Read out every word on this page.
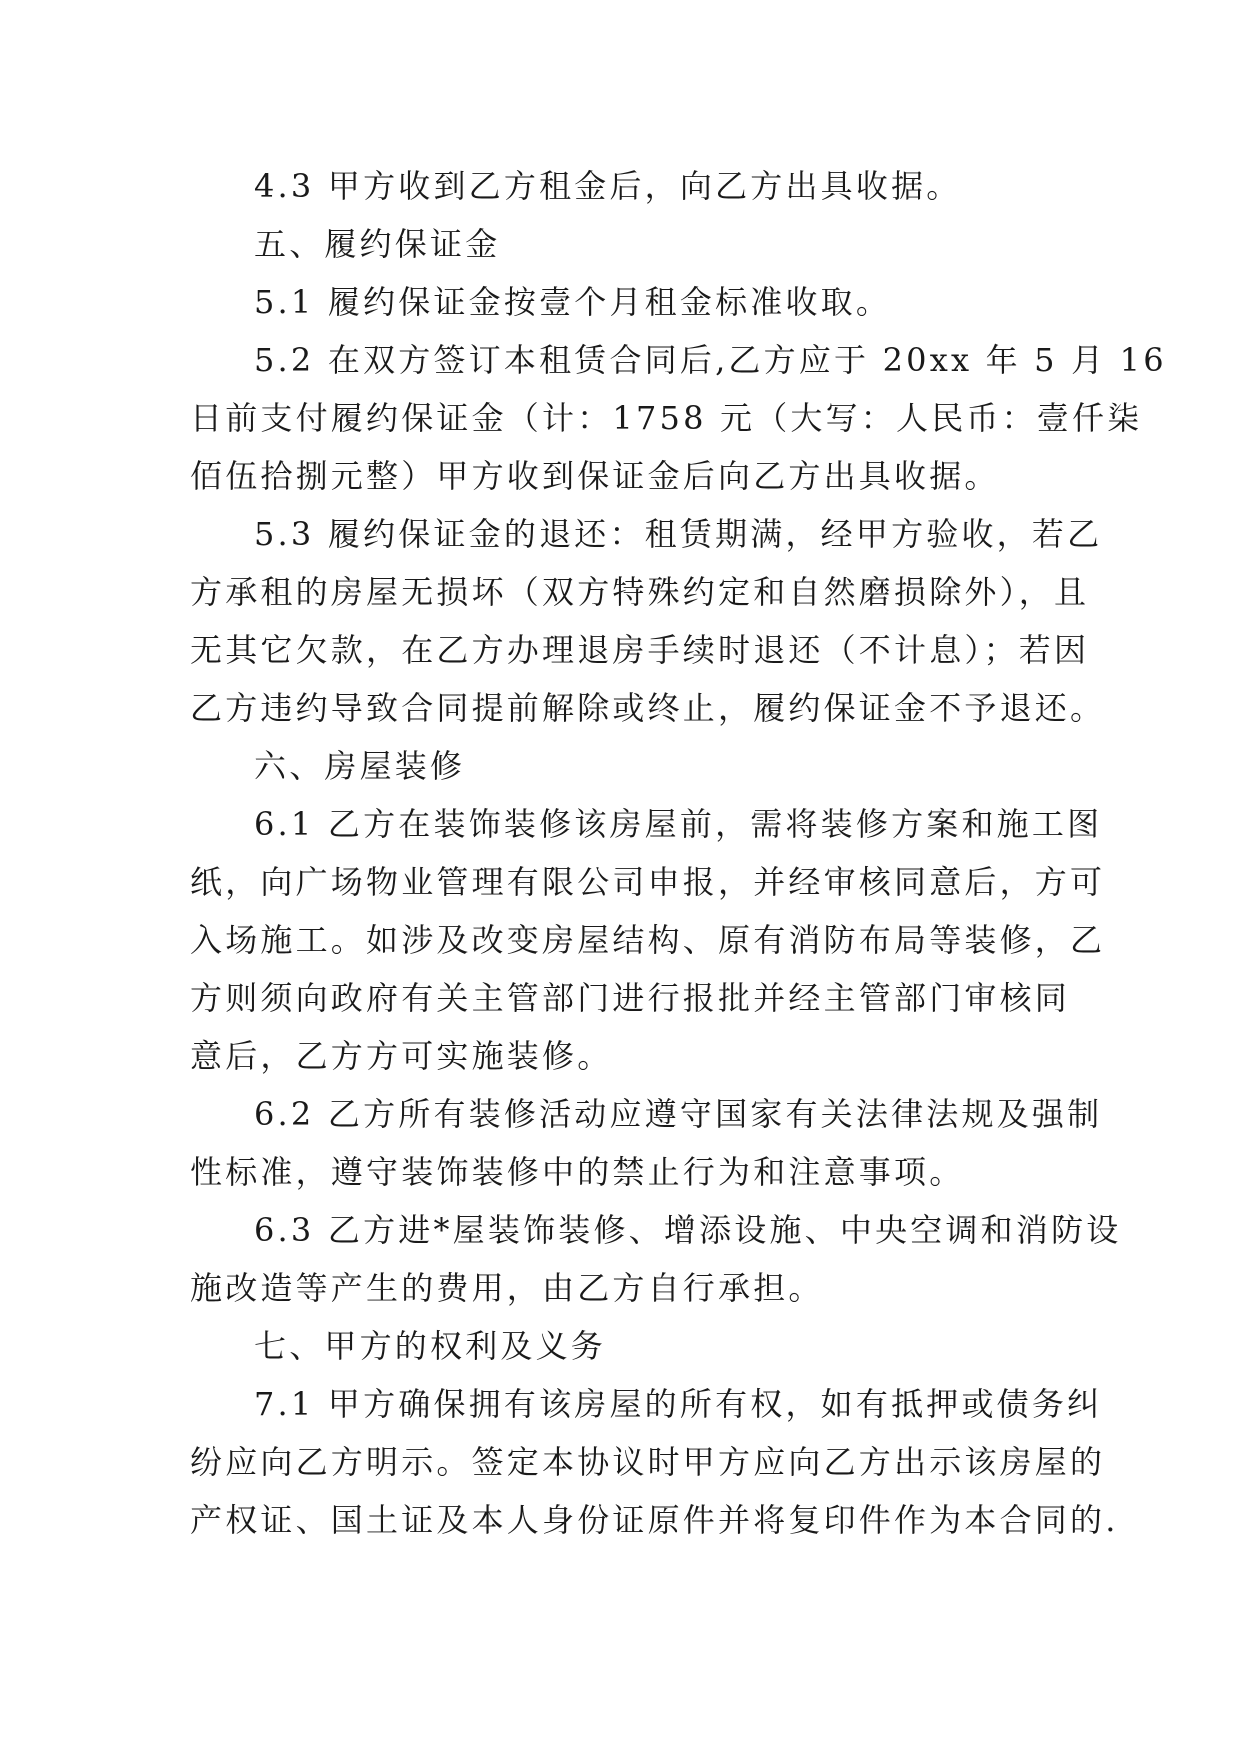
4.3 甲方收到乙方租金后，向乙方出具收据。

五、履约保证金

5.1 履约保证金按壹个月租金标准收取。

5.2 在双方签订本租赁合同后,乙方应于 20xx 年 5 月 16
日前支付履约保证金（计：1758 元（大写：人民币：壹仟柒
佰伍拾捌元整）甲方收到保证金后向乙方出具收据。

5.3 履约保证金的退还：租赁期满，经甲方验收，若乙
方承租的房屋无损坏（双方特殊约定和自然磨损除外），且
无其它欠款，在乙方办理退房手续时退还（不计息）；若因
乙方违约导致合同提前解除或终止，履约保证金不予退还。

六、房屋装修

6.1 乙方在装饰装修该房屋前，需将装修方案和施工图
纸，向广场物业管理有限公司申报，并经审核同意后，方可
入场施工。如涉及改变房屋结构、原有消防布局等装修，乙
方则须向政府有关主管部门进行报批并经主管部门审核同
意后，乙方方可实施装修。

6.2 乙方所有装修活动应遵守国家有关法律法规及强制
性标准，遵守装饰装修中的禁止行为和注意事项。

6.3 乙方进*屋装饰装修、增添设施、中央空调和消防设
施改造等产生的费用，由乙方自行承担。

七、甲方的权利及义务

7.1 甲方确保拥有该房屋的所有权，如有抵押或债务纠
纷应向乙方明示。签定本协议时甲方应向乙方出示该房屋的
产权证、国土证及本人身份证原件并将复印件作为本合同的.
